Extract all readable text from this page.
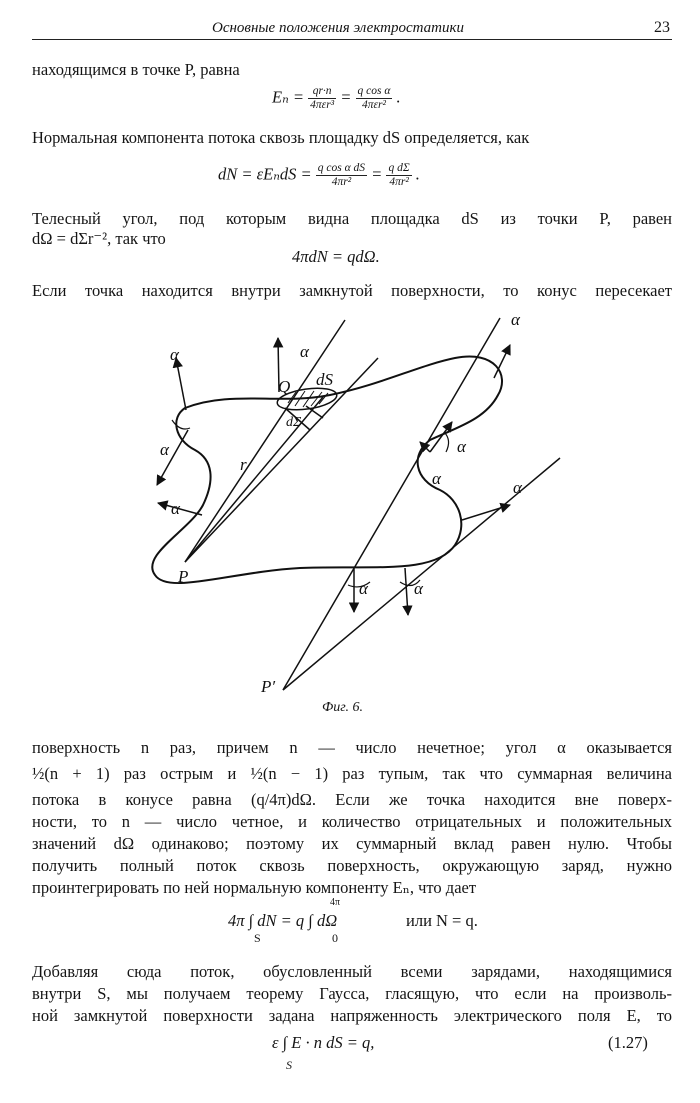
Основные положения электростатики	23
находящимся в точке P, равна
$E_n = \frac{qr\cdot n}{\text{4πεr³}} = \frac{\text{q cos α}}{\text{4πεr²}}$ .
Нормальная компонента потока сквозь площадку dS определяется, как
dN = $\varepsilon E_ndS = \frac{\text{q cos α dS}}{\text{4πr²}} = \frac{\text{q dΣ}}{\text{4πr²}}$ .
Телесный угол, под которым видна площадка dS из точки P, равен
dΩ = dΣr⁻², так что
4πdN = qdΩ.
Если точка находится внутри замкнутой поверхности, то конус пересекает
α	α
α
α
α
α	α
α
α	α
P
P′
Q dS
dΣ
r
Фиг. 6.
поверхность n раз, причем n — число нечетное; угол α оказывается
½(n + 1) раз острым и ½(n − 1) раз тупым, так что суммарная величина
потока в конусе равна (q/4π)dΩ. Если же точка находится вне поверх-
ности, то n — число четное, и количество отрицательных и положительных
значений dΩ одинаково; поэтому их суммарный вклад равен нулю. Чтобы
получить полный поток сквозь поверхность, окружающую заряд, нужно
проинтегрировать по ней нормальную компоненту Eₙ, что дает
4π
S	0
4π ∫ dN = q ∫ dΩ	или N = q.
Добавляя сюда поток, обусловленный всеми зарядами, находящимися
внутри S, мы получаем теорему Гаусса, гласящую, что если на произволь-
ной замкнутой поверхности задана напряженность электрического поля E, то
ε ∫ E · n dS = q,
S
(1.27)
